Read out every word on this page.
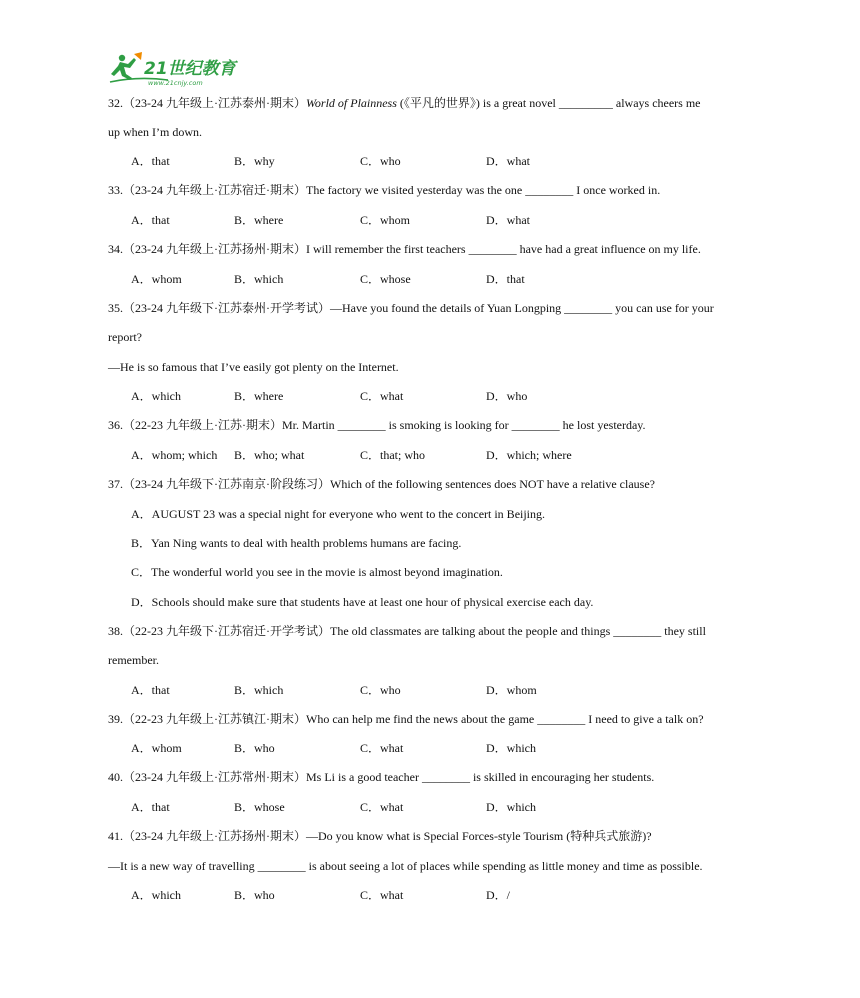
21世纪教育
www.21cnjy.com
32.（23-24 九年级上·江苏泰州·期末）World of Plainness (《平凡的世界》) is a great novel _________ always cheers me
up when I’m down.
A．that	B．why	C．who	D．what
33.（23-24 九年级上·江苏宿迁·期末）The factory we visited yesterday was the one ________ I once worked in.
A．that	B．where	C．whom	D．what
34.（23-24 九年级上·江苏扬州·期末）I will remember the first teachers ________ have had a great influence on my life.
A．whom	B．which	C．whose	D．that
35.（23-24 九年级下·江苏泰州·开学考试）—Have you found the details of Yuan Longping ________ you can use for your
report?
—He is so famous that I’ve easily got plenty on the Internet.
A．which	B．where	C．what	D．who
36.（22-23 九年级上·江苏·期末）Mr. Martin ________ is smoking is looking for ________ he lost yesterday.
A．whom; which B．who; what	C．that; who	D．which; where
37.（23-24 九年级下·江苏南京·阶段练习）Which of the following sentences does NOT have a relative clause?
A．AUGUST 23 was a special night for everyone who went to the concert in Beijing.
B．Yan Ning wants to deal with health problems humans are facing.
C．The wonderful world you see in the movie is almost beyond imagination.
D．Schools should make sure that students have at least one hour of physical exercise each day.
38.（22-23 九年级下·江苏宿迁·开学考试）The old classmates are talking about the people and things ________ they still
remember.
A．that	B．which	C．who	D．whom
39.（22-23 九年级上·江苏镇江·期末）Who can help me find the news about the game ________ I need to give a talk on?
A．whom	B．who	C．what	D．which
40.（23-24 九年级上·江苏常州·期末）Ms Li is a good teacher ________ is skilled in encouraging her students.
A．that	B．whose	C．what	D．which
41.（23-24 九年级上·江苏扬州·期末）—Do you know what is Special Forces-style Tourism (特种兵式旅游)?
—It is a new way of travelling ________ is about seeing a lot of places while spending as little money and time as possible.
A．which	B．who	C．what	D．/
